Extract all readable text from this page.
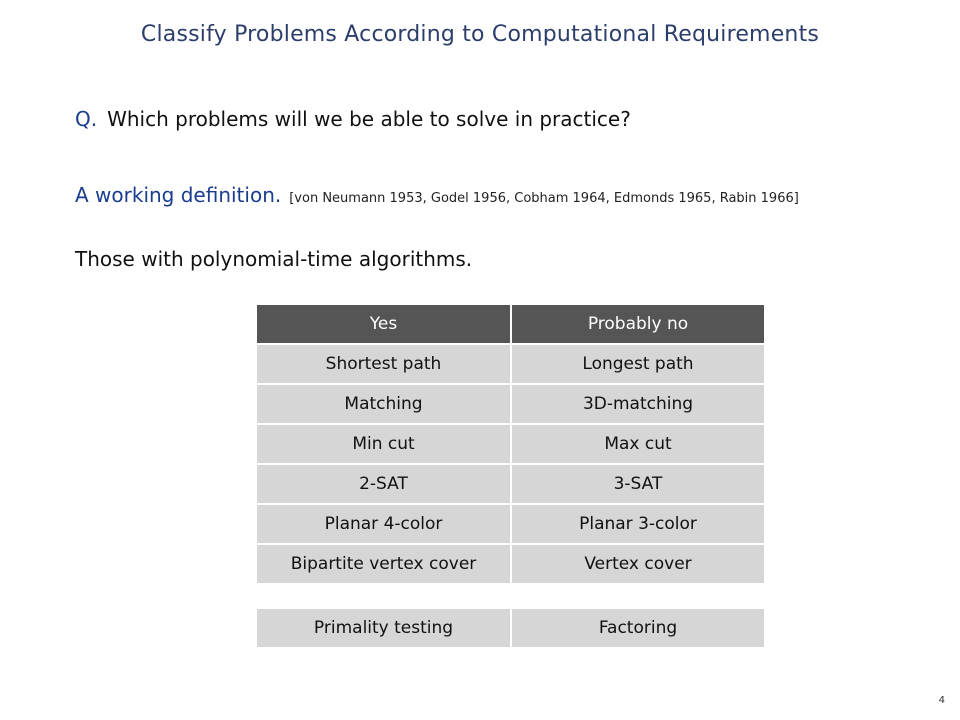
Classify Problems According to Computational Requirements
Q. Which problems will we be able to solve in practice?
A working definition. [von Neumann 1953, Godel 1956, Cobham 1964, Edmonds 1965, Rabin 1966]
Those with polynomial-time algorithms.
Yes	Probably no
Shortest path	Longest path
Matching	3D-matching
Min cut	Max cut
2-SAT	3-SAT
Planar 4-color	Planar 3-color
Bipartite vertex cover	Vertex cover
Primality testing	Factoring
4
